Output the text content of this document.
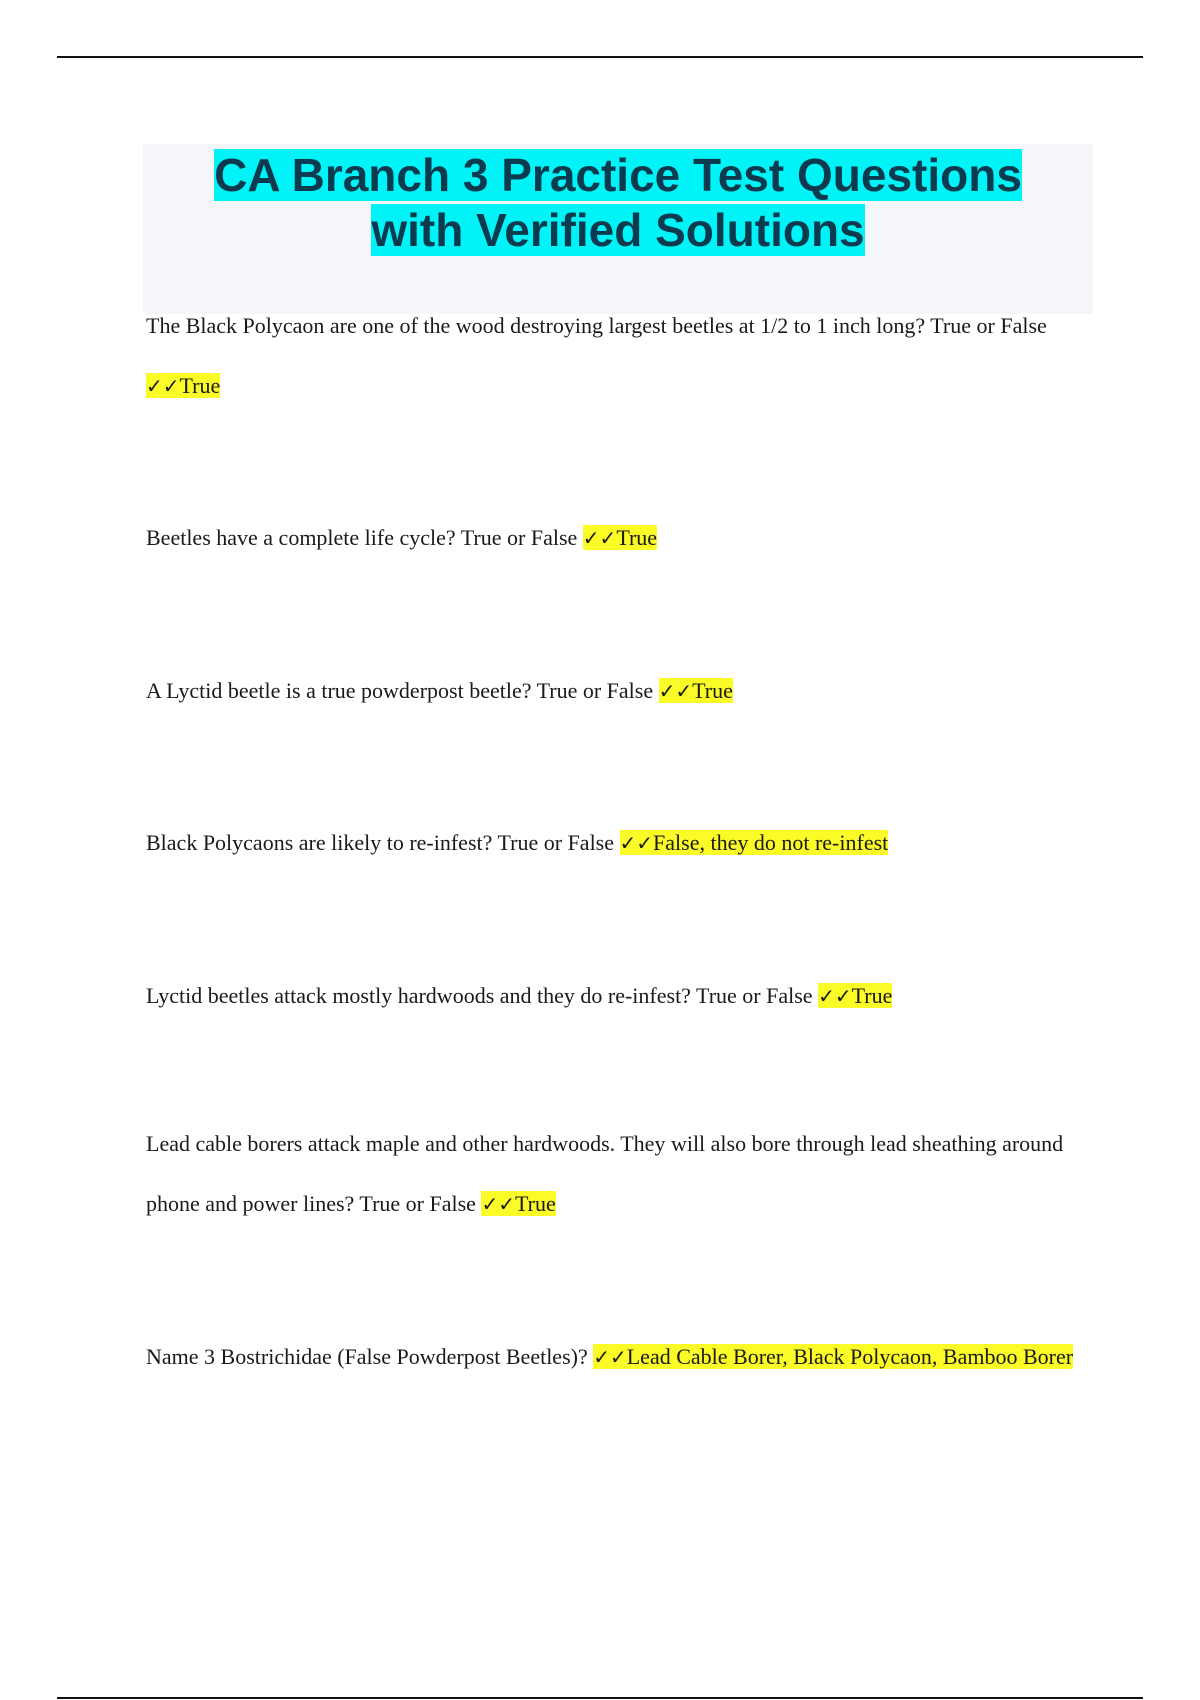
CA Branch 3 Practice Test Questions
with Verified Solutions

The Black Polycaon are one of the wood destroying largest beetles at 1/2 to 1 inch long? True or False ✓✓True

Beetles have a complete life cycle? True or False ✓✓True

A Lyctid beetle is a true powderpost beetle? True or False ✓✓True

Black Polycaons are likely to re-infest? True or False ✓✓False, they do not re-infest

Lyctid beetles attack mostly hardwoods and they do re-infest? True or False ✓✓True

Lead cable borers attack maple and other hardwoods. They will also bore through lead sheathing around phone and power lines? True or False ✓✓True

Name 3 Bostrichidae (False Powderpost Beetles)? ✓✓Lead Cable Borer, Black Polycaon, Bamboo Borer
